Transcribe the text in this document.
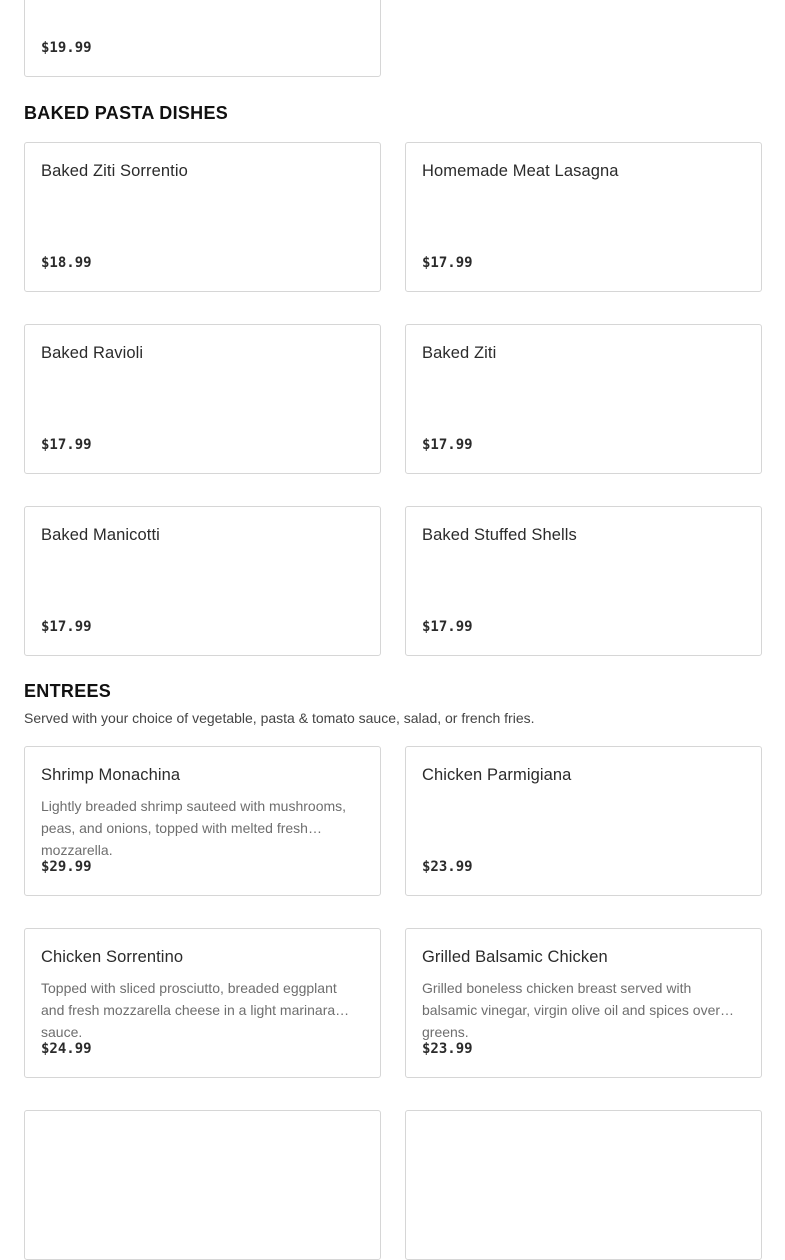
$19.99
BAKED PASTA DISHES
Baked Ziti Sorrentio
$18.99
Homemade Meat Lasagna
$17.99
Baked Ravioli
$17.99
Baked Ziti
$17.99
Baked Manicotti
$17.99
Baked Stuffed Shells
$17.99
ENTREES

Served with your choice of vegetable, pasta & tomato sauce, salad, or french fries.

Shrimp Monachina
Lightly breaded shrimp sauteed with mushrooms, peas, and onions, topped with melted fresh mozzarella.
$29.99
Chicken Parmigiana
$23.99
Chicken Sorrentino
Topped with sliced prosciutto, breaded eggplant and fresh mozzarella cheese in a light marinara sauce.
$24.99
Grilled Balsamic Chicken
Grilled boneless chicken breast served with balsamic vinegar, virgin olive oil and spices over greens.
$23.99
